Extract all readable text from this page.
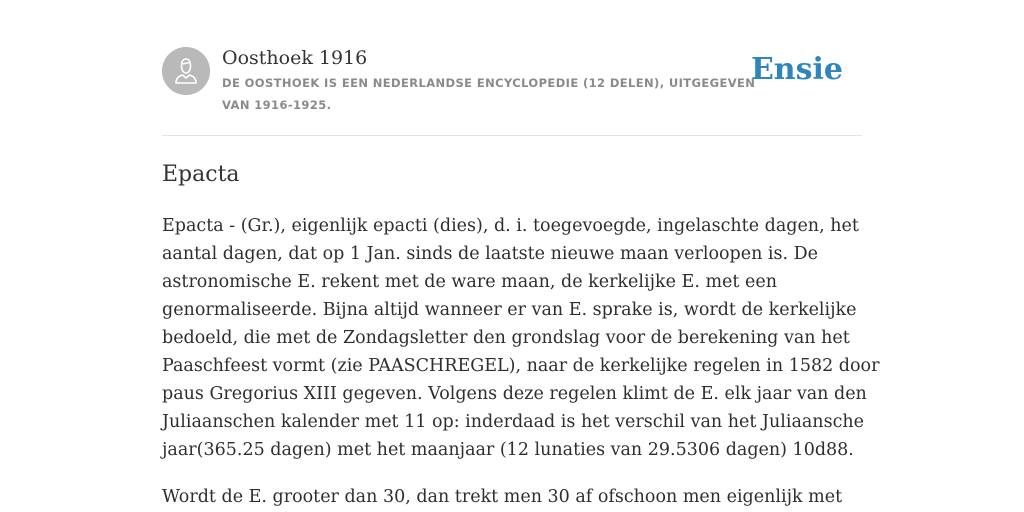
Oosthoek 1916
DE OOSTHOEK IS EEN NEDERLANDSE ENCYCLOPEDIE (12 DELEN), UITGEGEVEN
VAN 1916-1925.
Ensie
Epacta

Epacta - (Gr.), eigenlijk epacti (dies), d. i. toegevoegde, ingelaschte dagen, het
aantal dagen, dat op 1 Jan. sinds de laatste nieuwe maan verloopen is. De
astronomische E. rekent met de ware maan, de kerkelijke E. met een
genormaliseerde. Bijna altijd wanneer er van E. sprake is, wordt de kerkelijke
bedoeld, die met de Zondagsletter den grondslag voor de berekening van het
Paaschfeest vormt (zie PAASCHREGEL), naar de kerkelijke regelen in 1582 door
paus Gregorius XIII gegeven. Volgens deze regelen klimt de E. elk jaar van den
Juliaanschen kalender met 11 op: inderdaad is het verschil van het Juliaansche
jaar(365.25 dagen) met het maanjaar (12 lunaties van 29.5306 dagen) 10d88.

Wordt de E. grooter dan 30, dan trekt men 30 af ofschoon men eigenlijk met
